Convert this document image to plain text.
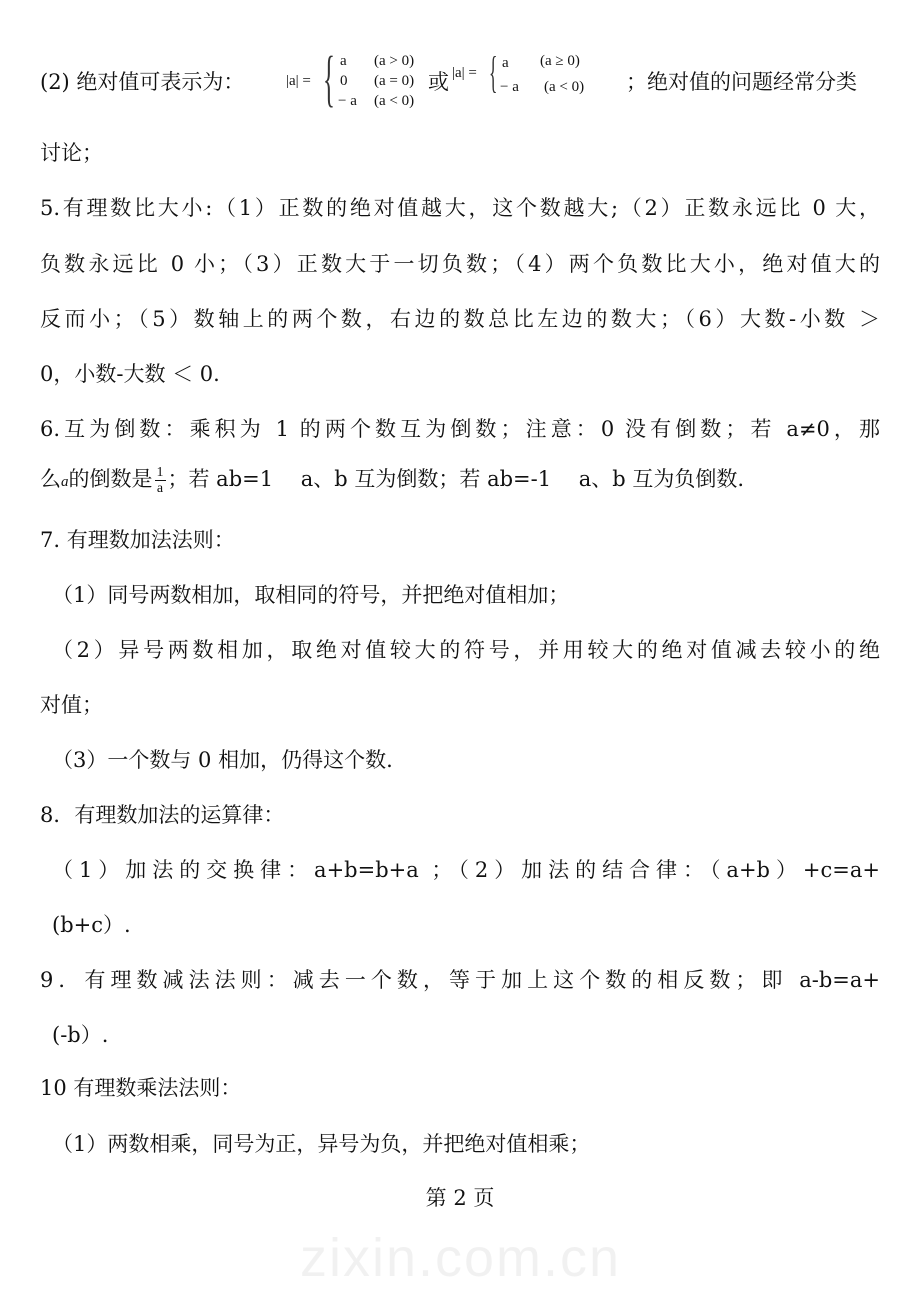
(2) 绝对值可表示为：	|a| = { a
0
− a
(a > 0)
(a = 0)
(a < 0)
或 |a| = { a
− a
(a ≥ 0)
(a < 0) ；绝对值的问题经常分类
讨论；
5.有理数比大小:（1）正数的绝对值越大，这个数越大;（2）正数永远比 0 大，
负数永远比 0 小；（3）正数大于一切负数；（4）两个负数比大小，绝对值大的
反而小；（5）数轴上的两个数，右边的数总比左边的数大；（6）大数-小数 ＞
0，小数-大数 ＜ 0.
6.互为倒数：乘积为 1 的两个数互为倒数；注意：0 没有倒数；若 a≠0，那
么a的倒数是 $\frac{1}{a}$；若 ab=1　 a、b 互为倒数；若 ab=-1　 a、b 互为负倒数.
7. 有理数加法法则：
（1）同号两数相加，取相同的符号，并把绝对值相加；
（2）异号两数相加，取绝对值较大的符号，并用较大的绝对值减去较小的绝
对值；
（3）一个数与 0 相加，仍得这个数.
8．有理数加法的运算律：
（1）加法的交换律：a+b=b+a ；（2）加法的结合律：（a+b）+c=a+
(b+c）.
9．有理数减法法则：减去一个数，等于加上这个数的相反数；即 a-b=a+
(-b）.
10 有理数乘法法则：
（1）两数相乘，同号为正，异号为负，并把绝对值相乘；
第 2 页
zixin.com.cn
